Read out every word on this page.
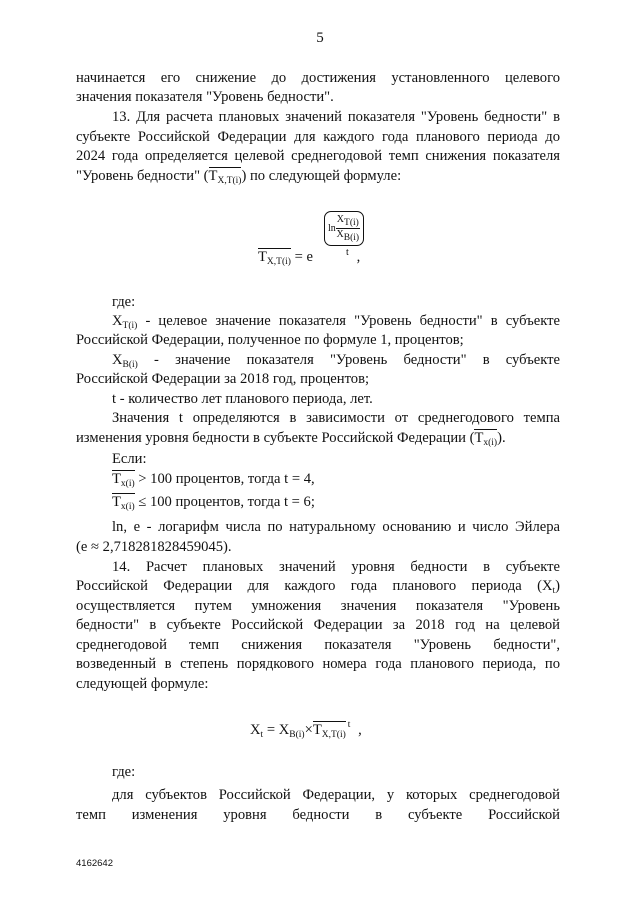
5
начинается его снижение до достижения установленного целевого
значения показателя "Уровень бедности".
13. Для расчета плановых значений показателя "Уровень бедности" в
субъекте Российской Федерации для каждого года планового периода до
2024 года определяется целевой среднегодовой темп снижения показателя
"Уровень бедности" $(T_{X,T(i)})$ по следующей формуле:
$\ln \frac{XT(i)}{XB(i)}$
t
$T_{X,T(i)} = e$	,
где:
$X_{T(i)}$ - целевое значение показателя "Уровень бедности" в субъекте
Российской Федерации, полученное по формуле 1, процентов;
$X_{B(i)}$ - значение показателя "Уровень бедности" в субъекте
Российской Федерации за 2018 год, процентов;
t - количество лет планового периода, лет.
Значения t определяются в зависимости от среднегодового темпа
изменения уровня бедности в субъекте Российской Федерации $(T_{x(i)})$.
Если:
$T_{x(i)} > 100$ процентов, тогда t = 4,
$T_{x(i)} \le 100$ процентов, тогда t = 6;
ln, e - логарифм числа по натуральному основанию и число Эйлера
(e ≈ 2,718281828459045).
14. Расчет плановых значений уровня бедности в субъекте
Российской Федерации для каждого года планового периода $(X_t)$
осуществляется путем умножения значения показателя "Уровень
бедности" в субъекте Российской Федерации за 2018 год на целевой
среднегодовой темп снижения показателя "Уровень бедности",
возведенный в степень порядкового номера года планового периода, по
следующей формуле:
$X_t = X_{B(i)}\times T_{X,T(i)}^t$ ,
где:
для субъектов Российской Федерации, у которых среднегодовой
темп изменения уровня бедности в субъекте Российской
4162642
